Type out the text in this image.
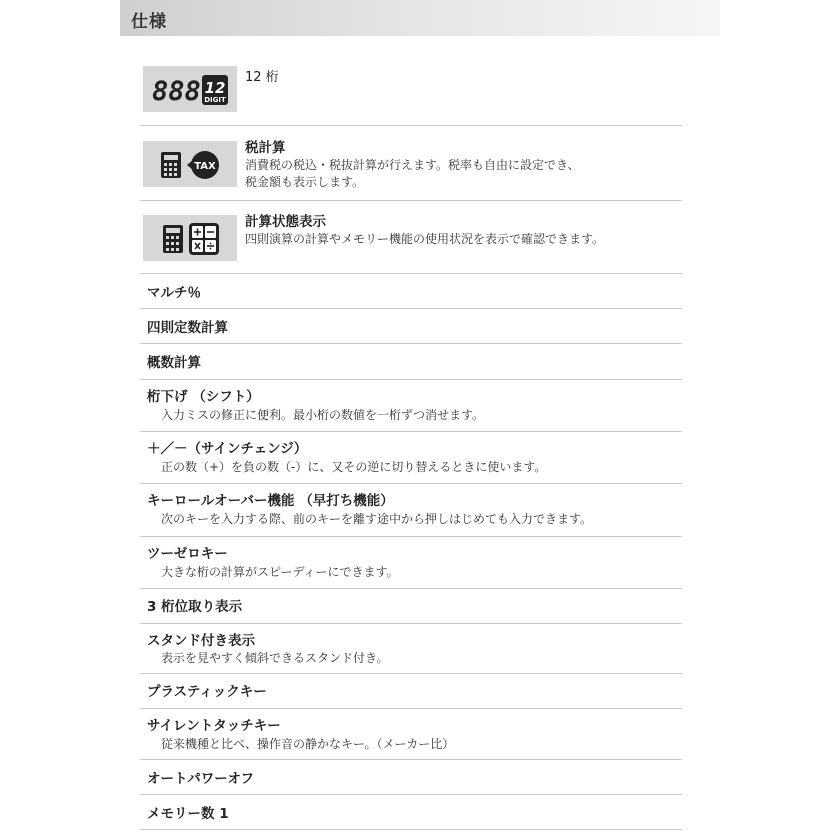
仕様
888 12
DIGIT
12 桁
TAX
税計算
消費税の税込・税抜計算が行えます。税率も自由に設定でき、
税金額も表示します。
計算状態表示
四則演算の計算やメモリー機能の使用状況を表示で確認できます。
マルチ％
四則定数計算
概数計算
桁下げ （シフト）
入力ミスの修正に便利。最小桁の数値を一桁ずつ消せます。
＋／－（サインチェンジ）
正の数（+）を負の数（-）に、又その逆に切り替えるときに使います。
キーロールオーバー機能 （早打ち機能）
次のキーを入力する際、前のキーを離す途中から押しはじめても入力できます。
ツーゼロキー
大きな桁の計算がスピーディーにできます。
3 桁位取り表示
スタンド付き表示
表示を見やすく傾斜できるスタンド付き。
プラスティックキー
サイレントタッチキー
従来機種と比べ、操作音の静かなキー。（メーカー比）
オートパワーオフ
メモリー数 1
